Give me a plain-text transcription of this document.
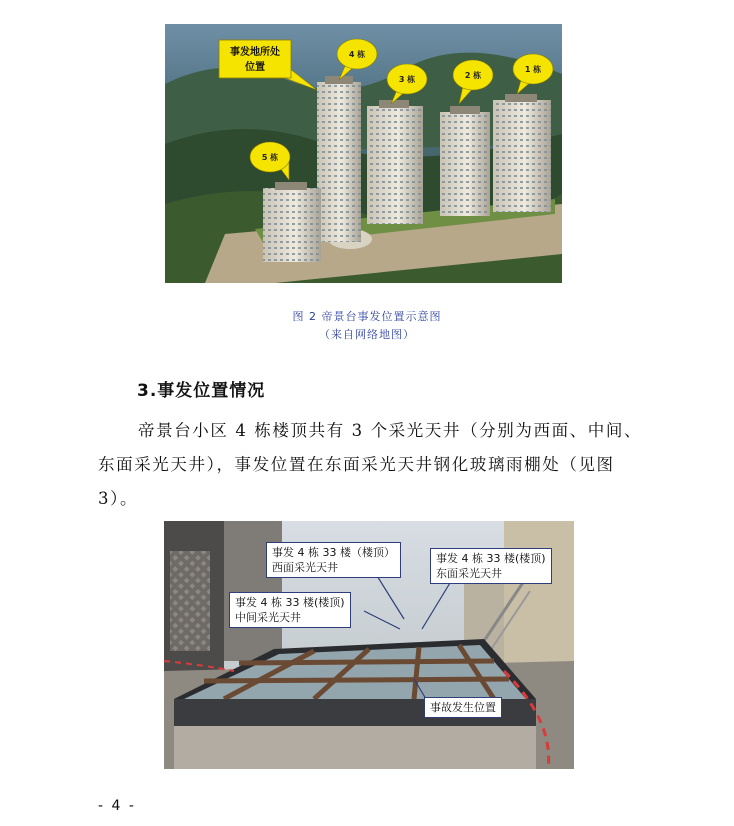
4 栋
3 栋	2 栋
1 栋
5 栋
事发地所处
位置
图 2 帝景台事发位置示意图
（来自网络地图）
3.事发位置情况
帝景台小区 4 栋楼顶共有 3 个采光天井（分别为西面、中间、东面采光天井），事发位置在东面采光天井钢化玻璃雨棚处（见图 3）。
事发 4 栋 33 楼（楼顶）
西面采光天井
事发 4 栋 33 楼(楼顶)
东面采光天井
事发 4 栋 33 楼(楼顶)
中间采光天井
事故发生位置
- 4 -
